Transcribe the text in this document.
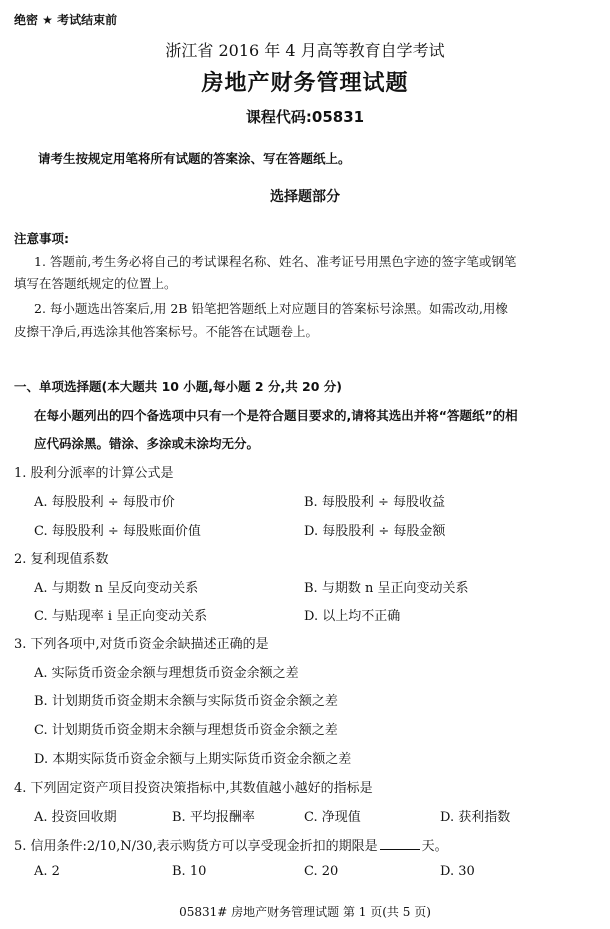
绝密 ★ 考试结束前
浙江省 2016 年 4 月高等教育自学考试
房地产财务管理试题
课程代码:05831
请考生按规定用笔将所有试题的答案涂、写在答题纸上。
选择题部分
注意事项:
1. 答题前,考生务必将自己的考试课程名称、姓名、准考证号用黑色字迹的签字笔或钢笔
填写在答题纸规定的位置上。
2. 每小题选出答案后,用 2B 铅笔把答题纸上对应题目的答案标号涂黑。如需改动,用橡
皮擦干净后,再选涂其他答案标号。不能答在试题卷上。
一、单项选择题(本大题共 10 小题,每小题 2 分,共 20 分)
在每小题列出的四个备选项中只有一个是符合题目要求的,请将其选出并将“答题纸”的相
应代码涂黑。错涂、多涂或未涂均无分。
1. 股利分派率的计算公式是
A. 每股股利 ÷ 每股市价	B. 每股股利 ÷ 每股收益
C. 每股股利 ÷ 每股账面价值	D. 每股股利 ÷ 每股金额
2. 复利现值系数
A. 与期数 n 呈反向变动关系	B. 与期数 n 呈正向变动关系
C. 与贴现率 i 呈正向变动关系	D. 以上均不正确
3. 下列各项中,对货币资金余缺描述正确的是
A. 实际货币资金余额与理想货币资金余额之差
B. 计划期货币资金期末余额与实际货币资金余额之差
C. 计划期货币资金期末余额与理想货币资金余额之差
D. 本期实际货币资金余额与上期实际货币资金余额之差
4. 下列固定资产项目投资决策指标中,其数值越小越好的指标是
A. 投资回收期	B. 平均报酬率	C. 净现值	D. 获利指数
5. 信用条件:2/10,N/30,表示购货方可以享受现金折扣的期限是	天。
A. 2	B. 10	C. 20	D. 30
05831# 房地产财务管理试题 第 1 页(共 5 页)
